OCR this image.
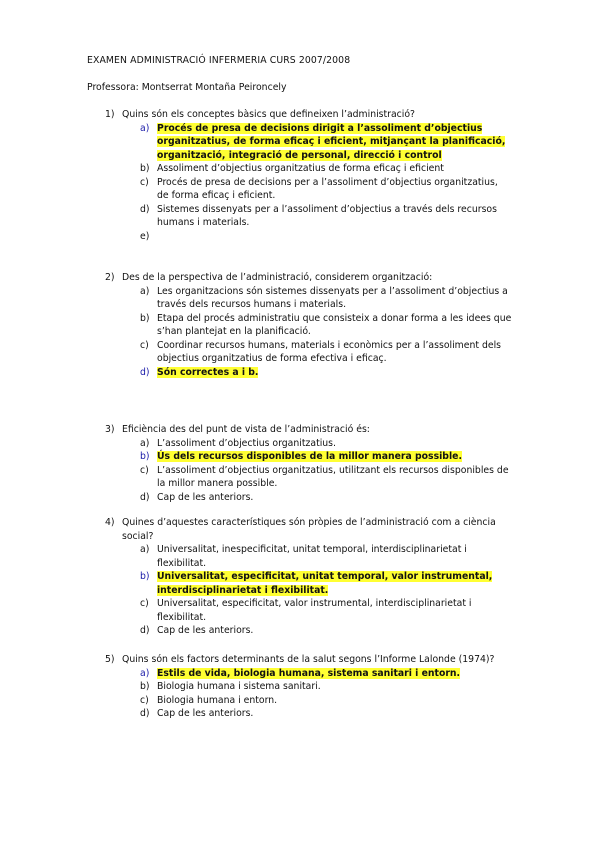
EXAMEN ADMINISTRACIÓ INFERMERIA CURS 2007/2008
Professora: Montserrat Montaña Peironcely
1) Quins són els conceptes bàsics que defineixen l’administració?
a) Procés de presa de decisions dirigit a l’assoliment d’objectius organitzatius, de forma eficaç i eficient, mitjançant la planificació, organització, integració de personal, direcció i control
b) Assoliment d’objectius organitzatius de forma eficaç i eficient
c) Procés de presa de decisions per a l’assoliment d’objectius organitzatius, de forma eficaç i eficient.
d) Sistemes dissenyats per a l’assoliment d’objectius a través dels recursos humans i materials.
e)

2) Des de la perspectiva de l’administració, considerem organització:
a) Les organitzacions són sistemes dissenyats per a l’assoliment d’objectius a través dels recursos humans i materials.
b) Etapa del procés administratiu que consisteix a donar forma a les idees que s’han plantejat en la planificació.
c) Coordinar recursos humans, materials i econòmics per a l’assoliment dels objectius organitzatius de forma efectiva i eficaç.
d) Són correctes a i b.
3) Eficiència des del punt de vista de l’administració és:
a) L’assoliment d’objectius organitzatius.
b) Ús dels recursos disponibles de la millor manera possible.
c) L’assoliment d’objectius organitzatius, utilitzant els recursos disponibles de la millor manera possible.
d) Cap de les anteriors.
4) Quines d’aquestes característiques són pròpies de l’administració com a ciència social?
a) Universalitat, inespecificitat, unitat temporal, interdisciplinarietat i flexibilitat.
b) Universalitat, especificitat, unitat temporal, valor instrumental, interdisciplinarietat i flexibilitat.
c) Universalitat, especificitat, valor instrumental, interdisciplinarietat i flexibilitat.
d) Cap de les anteriors.
5) Quins són els factors determinants de la salut segons l’Informe Lalonde (1974)?
a) Estils de vida, biologia humana, sistema sanitari i entorn.
b) Biologia humana i sistema sanitari.
c) Biologia humana i entorn.
d) Cap de les anteriors.
